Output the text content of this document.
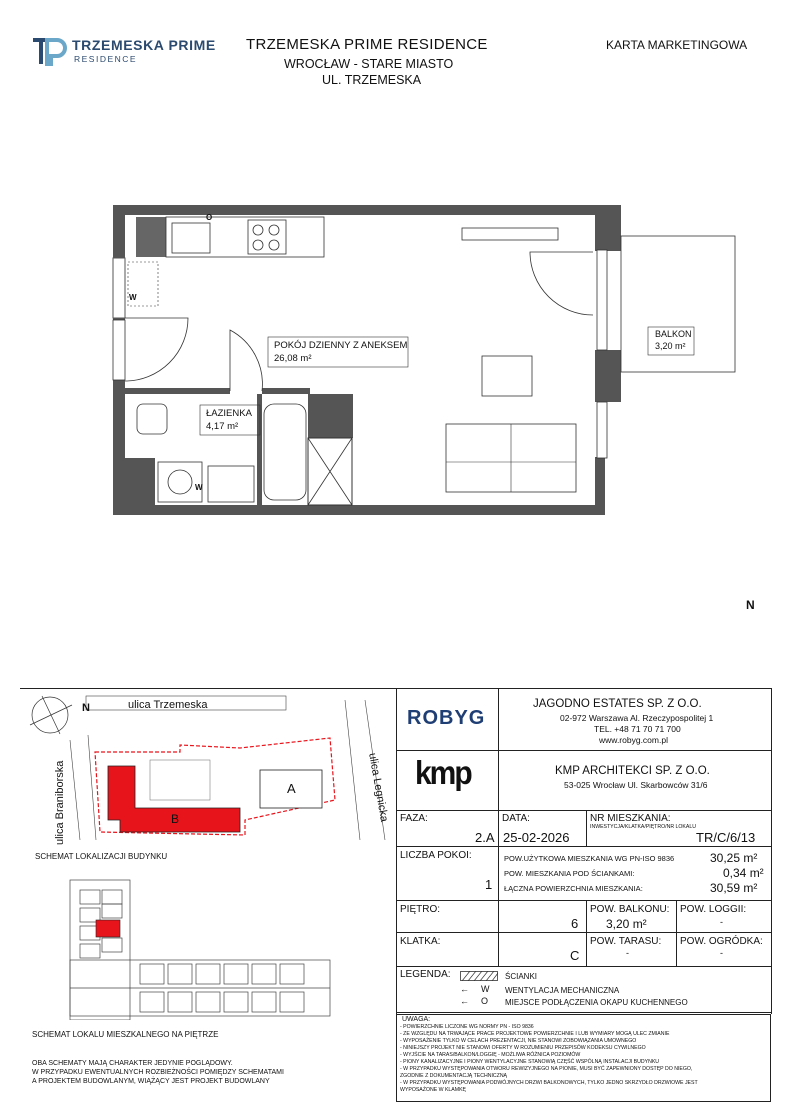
TRZEMESKA PRIME
RESIDENCE
TRZEMESKA PRIME RESIDENCE
WROCŁAW - STARE MIASTO
UL. TRZEMESKA
KARTA MARKETINGOWA
POKÓJ DZIENNY Z ANEKSEM
26,08 m²
ŁAZIENKA
4,17 m²
BALKON
3,20 m²
W
W
O
N
ulica Trzemeska
ulica Braniborska	ulica Legnicka
B
A
N
SCHEMAT LOKALIZACJI BUDYNKU
SCHEMAT LOKALU MIESZKALNEGO NA PIĘTRZE
OBA SCHEMATY MAJĄ CHARAKTER JEDYNIE POGLĄDOWY.
W PRZYPADKU EWENTUALNYCH ROZBIEŻNOŚCI POMIĘDZY SCHEMATAMI
A PROJEKTEM BUDOWLANYM, WIĄŻĄCY JEST PROJEKT BUDOWLANY
ROBYG
JAGODNO ESTATES SP. Z O.O.
02-972 Warszawa Al. Rzeczypospolitej 1
TEL. +48 71 70 71 700
www.robyg.com.pl
kmp	KMP ARCHITEKCI SP. Z O.O.
53-025 Wrocław Ul. Skarbowców 31/6
FAZA:
2.A
DATA:
25-02-2026
NR MIESZKANIA:
INWESTYCJA/KLATKA/PIĘTRO/NR LOKALU
TR/C/6/13
LICZBA POKOI:
1
POW.UŻYTKOWA MIESZKANIA WG PN-ISO 9836	30,25 m²
POW. MIESZKANIA POD ŚCIANKAMI:	0,34 m²
ŁĄCZNA POWIERZCHNIA MIESZKANIA:	30,59 m²
PIĘTRO:
6
POW. BALKONU:
3,20 m²
POW. LOGGII:
-
KLATKA:
C
POW. TARASU:
-
POW. OGRÓDKA:
-
LEGENDA:	ŚCIANKI
← W WENTYLACJA MECHANICZNA
← O MIEJSCE PODŁĄCZENIA OKAPU KUCHENNEGO
UWAGA:
- POWIERZCHNIE LICZONE WG NORMY PN - ISO 9836
- ZE WZGLĘDU NA TRWAJĄCE PRACE PROJEKTOWE POWIERZCHNIE I LUB WYMIARY MOGĄ ULEC ZMIANIE
- WYPOSAŻENIE TYLKO W CELACH PREZENTACJI, NIE STANOWI ZOBOWIĄZANIA UMOWNEGO
- NINIEJSZY PROJEKT NIE STANOWI OFERTY W ROZUMIENIU PRZEPISÓW KODEKSU CYWILNEGO
- WYJŚCIE NA TARAS/BALKON/LOGGIĘ - MOŻLIWA RÓŻNICA POZIOMÓW
- PIONY KANALIZACYJNE I PIONY WENTYLACYJNE STANOWIĄ CZĘŚĆ WSPÓLNĄ INSTALACJI BUDYNKU
- W PRZYPADKU WYSTĘPOWANIA OTWORU REWIZYJNEGO NA PIONIE, MUSI BYĆ ZAPEWNIONY DOSTĘP DO NIEGO,
ZGODNIE Z DOKUMENTACJĄ TECHNICZNĄ
- W PRZYPADKU WYSTĘPOWANIA PODWÓJNYCH DRZWI BALKONOWYCH, TYLKO JEDNO SKRZYDŁO DRZWIOWE JEST
WYPOSAŻONE W KLAMKĘ
